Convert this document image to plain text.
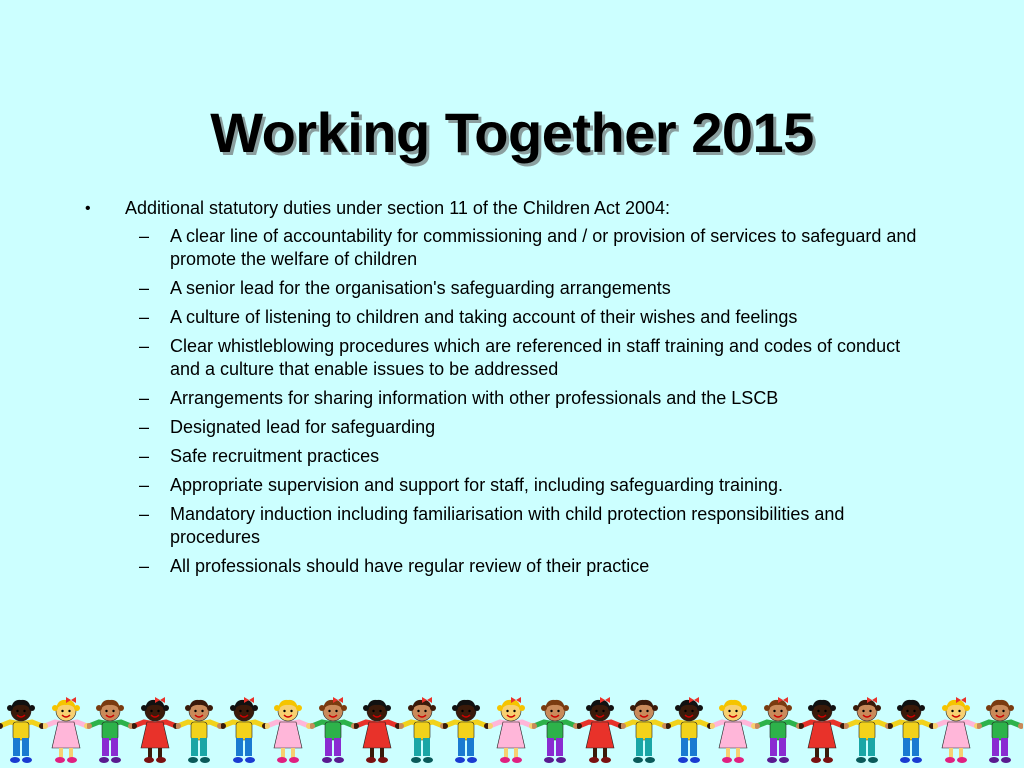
Working Together 2015
• Additional statutory duties under section 11 of the Children Act 2004:
– A clear line of accountability for commissioning and / or provision of services to safeguard and promote the welfare of children
– A senior lead for the organisation's safeguarding arrangements
– A culture of listening to children and taking account of their wishes and feelings
– Clear whistleblowing procedures which are referenced in staff training and codes of conduct and a culture that enable issues to be addressed
– Arrangements for sharing information with other professionals and the LSCB
– Designated lead for safeguarding
– Safe recruitment practices
– Appropriate supervision and support for staff, including safeguarding training.
– Mandatory induction including familiarisation with child protection responsibilities and procedures
– All professionals should have regular review of their practice
